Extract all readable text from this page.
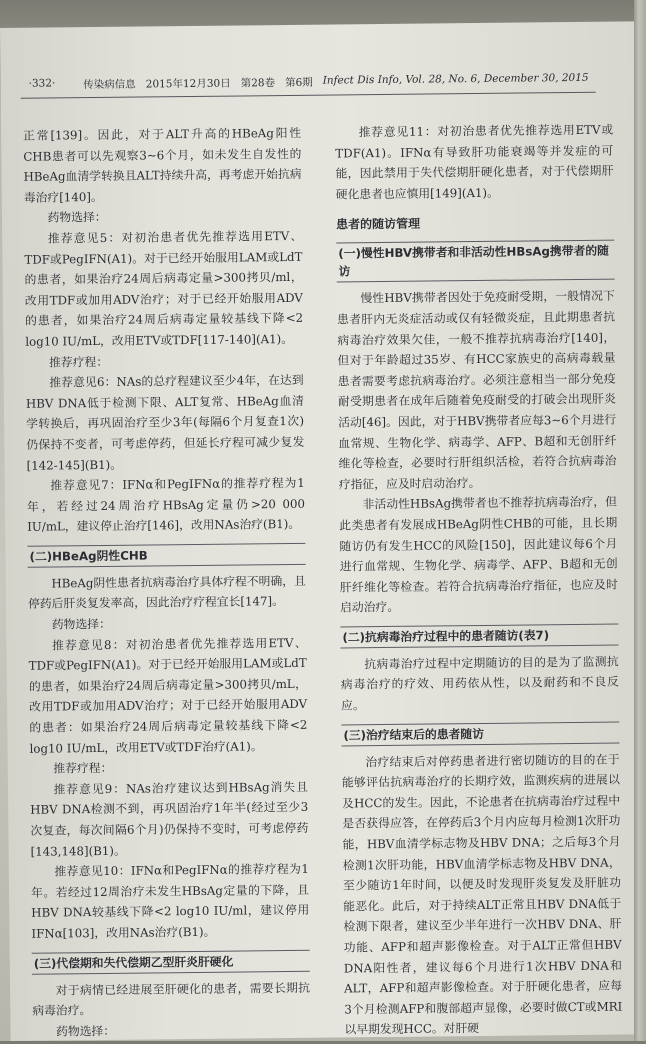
·332·	传染病信息 2015年12月30日 第28卷 第6期 Infect Dis Info, Vol. 28, No. 6, December 30, 2015

正常[139]。因此，对于ALT升高的HBeAg阳性CHB患者可以先观察3~6个月，如未发生自发性的HBeAg血清学转换且ALT持续升高，再考虑开始抗病毒治疗[140]。

药物选择：

推荐意见5：对初治患者优先推荐选用ETV、TDF或PegIFN(A1)。对于已经开始服用LAM或LdT的患者，如果治疗24周后病毒定量>300拷贝/ml，改用TDF或加用ADV治疗；对于已经开始服用ADV的患者，如果治疗24周后病毒定量较基线下降<2 log10 IU/mL，改用ETV或TDF[117-140](A1)。

推荐疗程：

推荐意见6：NAs的总疗程建议至少4年，在达到HBV DNA低于检测下限、ALT复常、HBeAg血清学转换后，再巩固治疗至少3年(每隔6个月复查1次)仍保持不变者，可考虑停药，但延长疗程可减少复发[142-145](B1)。

推荐意见7：IFNα和PegIFNα的推荐疗程为1年，若经过24周治疗HBsAg定量仍>20 000 IU/mL，建议停止治疗[146]，改用NAs治疗(B1)。

(二)HBeAg阴性CHB

HBeAg阴性患者抗病毒治疗具体疗程不明确，且停药后肝炎复发率高，因此治疗疗程宜长[147]。

药物选择：

推荐意见8：对初治患者优先推荐选用ETV、TDF或PegIFN(A1)。对于已经开始服用LAM或LdT的患者，如果治疗24周后病毒定量>300拷贝/mL，改用TDF或加用ADV治疗；对于已经开始服用ADV的患者：如果治疗24周后病毒定量较基线下降<2 log10 IU/mL，改用ETV或TDF治疗(A1)。

推荐疗程：

推荐意见9：NAs治疗建议达到HBsAg消失且HBV DNA检测不到，再巩固治疗1年半(经过至少3次复查，每次间隔6个月)仍保持不变时，可考虑停药[143,148](B1)。

推荐意见10：IFNα和PegIFNα的推荐疗程为1年。若经过12周治疗未发生HBsAg定量的下降，且HBV DNA较基线下降<2 log10 IU/ml，建议停用IFNα[103]，改用NAs治疗(B1)。

(三)代偿期和失代偿期乙型肝炎肝硬化

对于病情已经进展至肝硬化的患者，需要长期抗病毒治疗。

药物选择：

推荐意见11：对初治患者优先推荐选用ETV或TDF(A1)。IFNα有导致肝功能衰竭等并发症的可能，因此禁用于失代偿期肝硬化患者，对于代偿期肝硬化患者也应慎用[149](A1)。

患者的随访管理
(一)慢性HBV携带者和非活动性HBsAg携带者的随访

慢性HBV携带者因处于免疫耐受期，一般情况下患者肝内无炎症活动或仅有轻微炎症，且此期患者抗病毒治疗效果欠佳，一般不推荐抗病毒治疗[140]，但对于年龄超过35岁、有HCC家族史的高病毒载量患者需要考虑抗病毒治疗。必须注意相当一部分免疫耐受期患者在成年后随着免疫耐受的打破会出现肝炎活动[46]。因此，对于HBV携带者应每3~6个月进行血常规、生物化学、病毒学、AFP、B超和无创肝纤维化等检查，必要时行肝组织活检，若符合抗病毒治疗指征，应及时启动治疗。

非活动性HBsAg携带者也不推荐抗病毒治疗，但此类患者有发展成HBeAg阴性CHB的可能，且长期随访仍有发生HCC的风险[150]，因此建议每6个月进行血常规、生物化学、病毒学、AFP、B超和无创肝纤维化等检查。若符合抗病毒治疗指征，也应及时启动治疗。

(二)抗病毒治疗过程中的患者随访(表7)

抗病毒治疗过程中定期随访的目的是为了监测抗病毒治疗的疗效、用药依从性，以及耐药和不良反应。

(三)治疗结束后的患者随访

治疗结束后对停药患者进行密切随访的目的在于能够评估抗病毒治疗的长期疗效，监测疾病的进展以及HCC的发生。因此，不论患者在抗病毒治疗过程中是否获得应答，在停药后3个月内应每月检测1次肝功能，HBV血清学标志物及HBV DNA；之后每3个月检测1次肝功能，HBV血清学标志物及HBV DNA，至少随访1年时间，以便及时发现肝炎复发及肝脏功能恶化。此后，对于持续ALT正常且HBV DNA低于检测下限者，建议至少半年进行一次HBV DNA、肝功能、AFP和超声影像检查。对于ALT正常但HBV DNA阳性者，建议每6个月进行1次HBV DNA和ALT，AFP和超声影像检查。对于肝硬化患者，应每3个月检测AFP和腹部超声显像，必要时做CT或MRI以早期发现HCC。对肝硬
